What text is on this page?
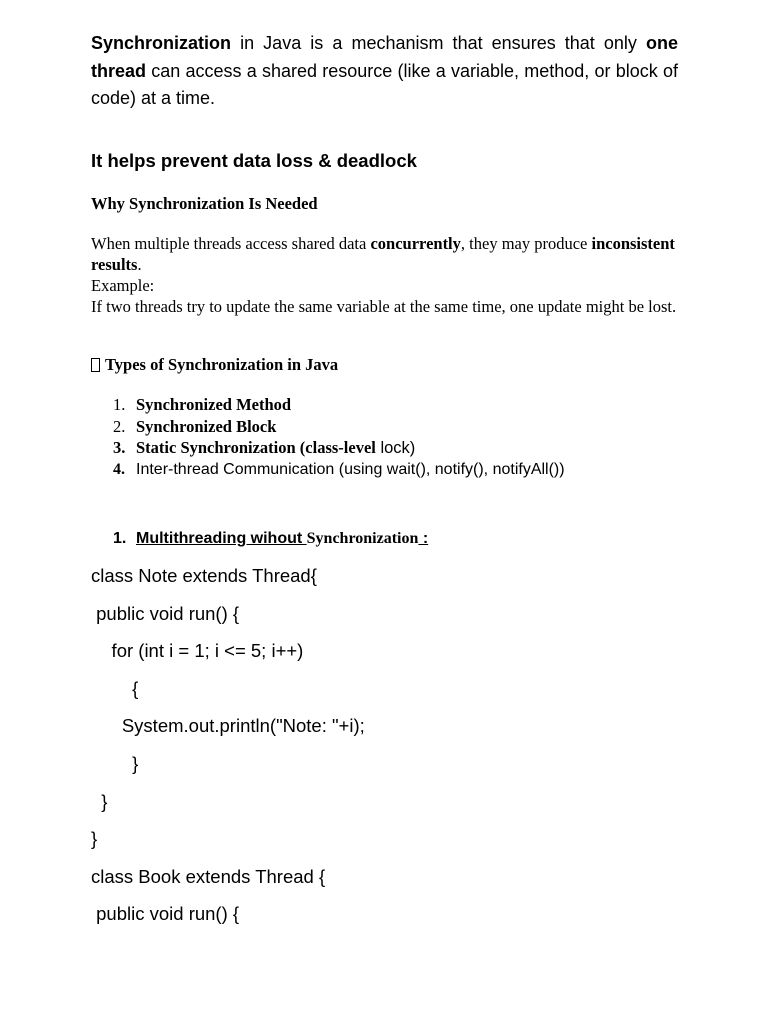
Synchronization in Java is a mechanism that ensures that only one thread can access a shared resource (like a variable, method, or block of code) at a time.

It helps prevent data loss & deadlock
Why Synchronization Is Needed

When multiple threads access shared data concurrently, they may produce inconsistent results.
Example:
If two threads try to update the same variable at the same time, one update might be lost.

Types of Synchronization in Java
1. Synchronized Method
2. Synchronized Block
3. Static Synchronization (class-level lock)
4. Inter-thread Communication (using wait(), notify(), notifyAll())
1. Multithreading wihout Synchronization :
class Note extends Thread{
public void run() {
for (int i = 1; i <= 5; i++)
{
System.out.println("Note: "+i);
}
}
}
class Book extends Thread {
public void run() {
